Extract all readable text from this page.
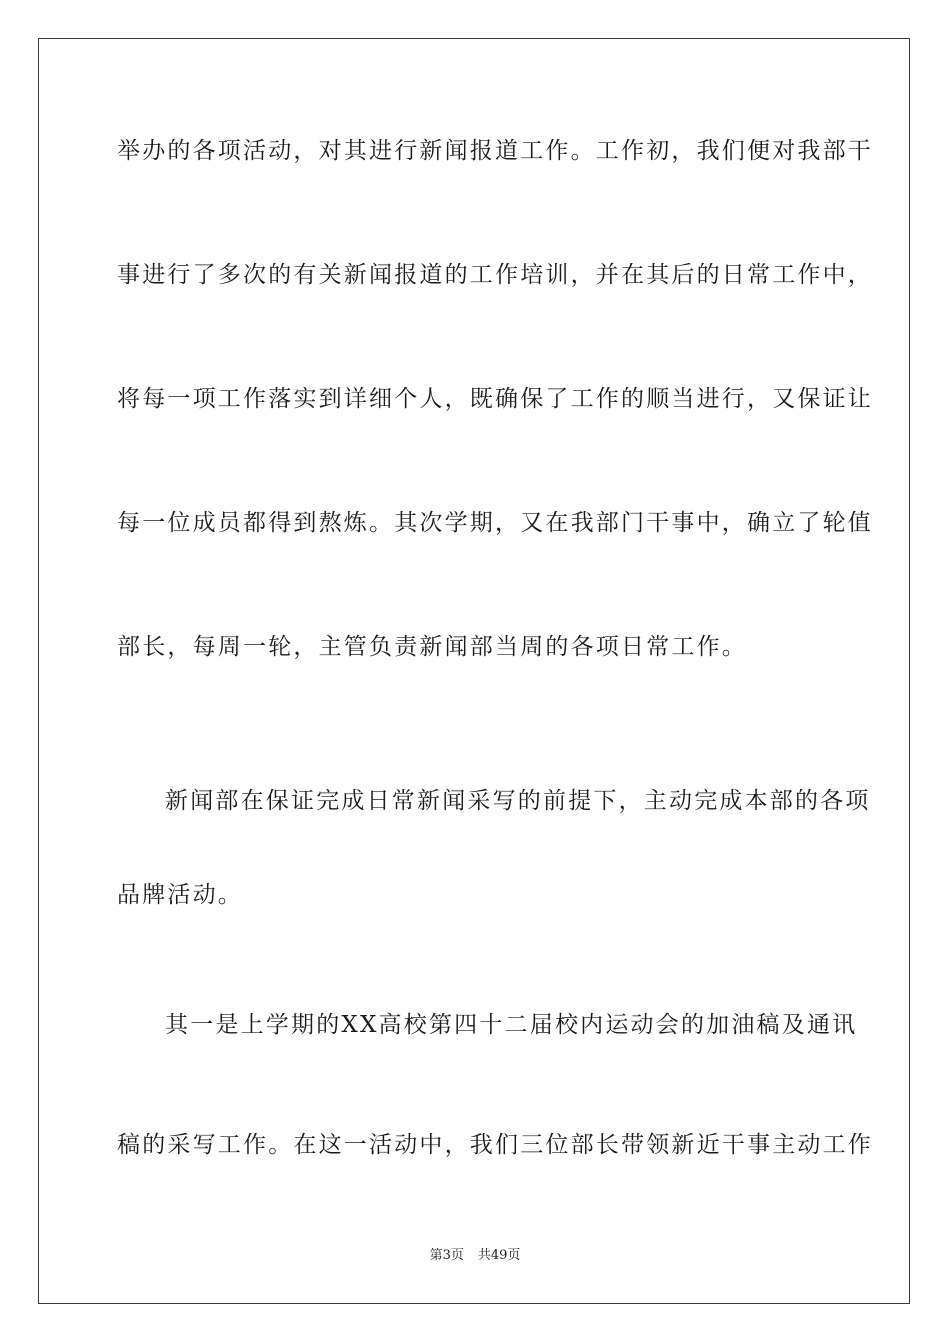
举办的各项活动，对其进行新闻报道工作。工作初，我们便对我部干
事进行了多次的有关新闻报道的工作培训，并在其后的日常工作中，
将每一项工作落实到详细个人，既确保了工作的顺当进行，又保证让
每一位成员都得到熬炼。其次学期，又在我部门干事中，确立了轮值
部长，每周一轮，主管负责新闻部当周的各项日常工作。
新闻部在保证完成日常新闻采写的前提下，主动完成本部的各项
品牌活动。
其一是上学期的XX高校第四十二届校内运动会的加油稿及通讯
稿的采写工作。在这一活动中，我们三位部长带领新近干事主动工作
第3页 共49页
